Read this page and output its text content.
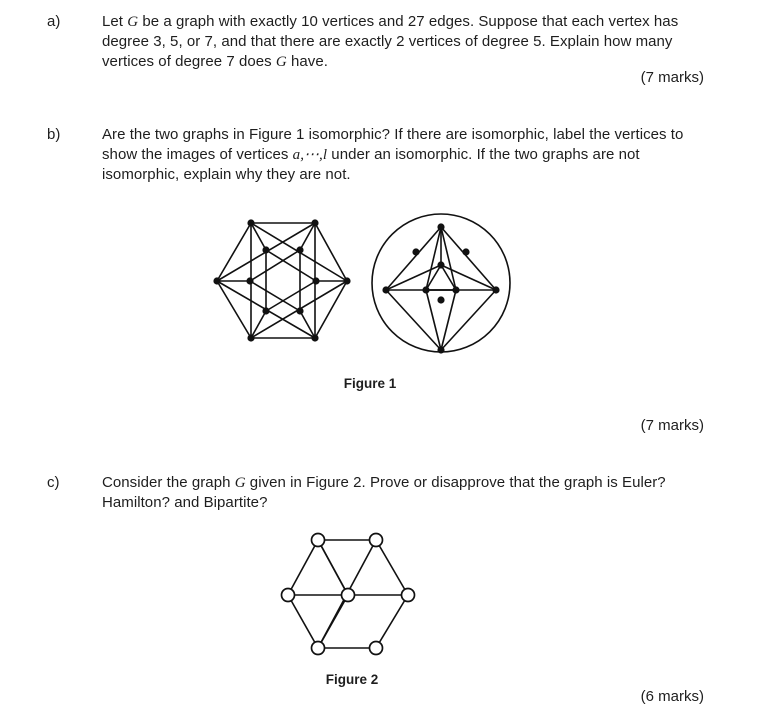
a)	Let G be a graph with exactly 10 vertices and 27 edges. Suppose that each vertex has degree 3, 5, or 7, and that there are exactly 2 vertices of degree 5. Explain how many vertices of degree 7 does G have.
(7 marks)
b)	Are the two graphs in Figure 1 isomorphic? If there are isomorphic, label the vertices to show the images of vertices a,⋯,l under an isomorphic. If the two graphs are not isomorphic, explain why they are not.
Figure 1
(7 marks)
c)	Consider the graph G given in Figure 2. Prove or disapprove that the graph is Euler? Hamilton? and Bipartite?
Figure 2
(6 marks)
